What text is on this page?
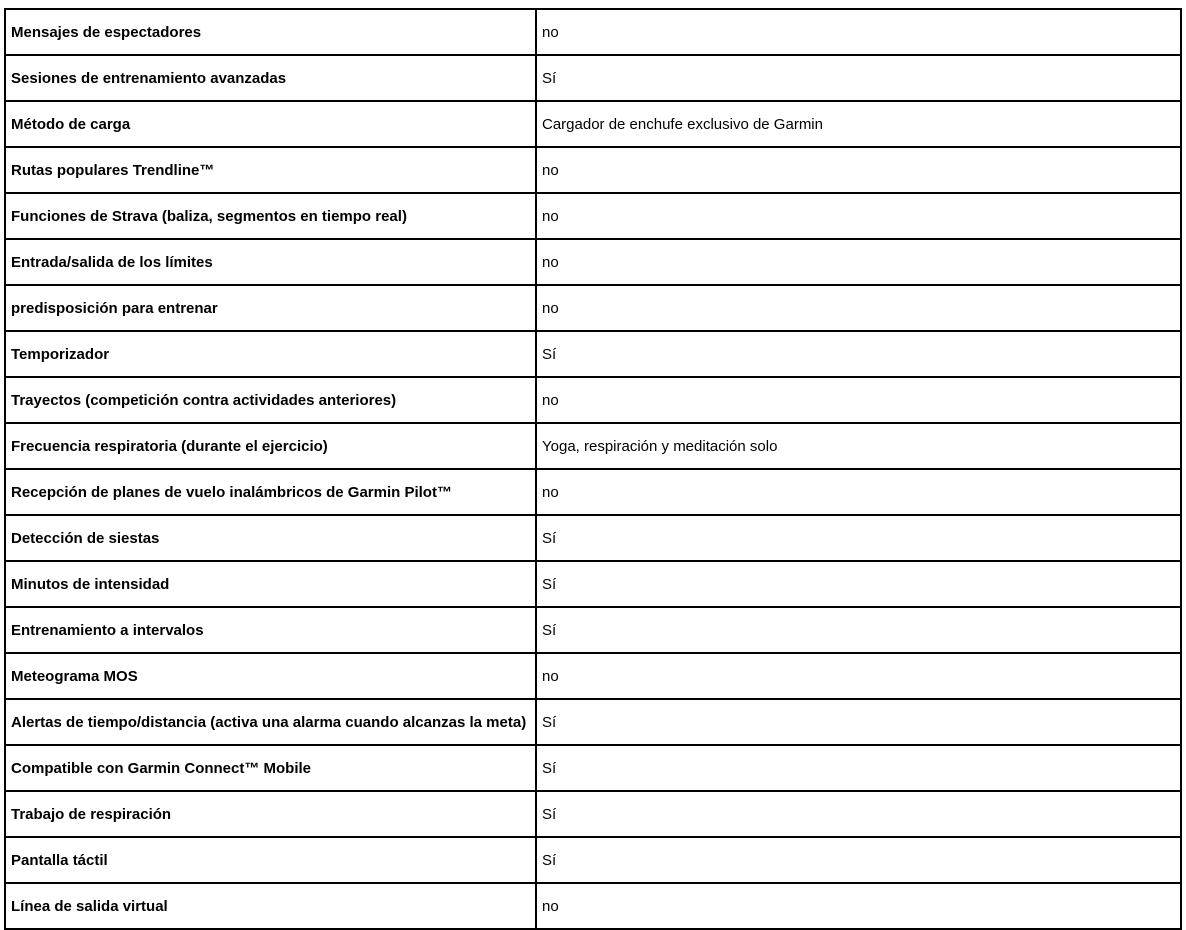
Mensajes de espectadores	no
Sesiones de entrenamiento avanzadas	Sí
Método de carga	Cargador de enchufe exclusivo de Garmin
Rutas populares Trendline™	no
Funciones de Strava (baliza, segmentos en tiempo real)	no
Entrada/salida de los límites	no
predisposición para entrenar	no
Temporizador	Sí
Trayectos (competición contra actividades anteriores)	no
Frecuencia respiratoria (durante el ejercicio)	Yoga, respiración y meditación solo
Recepción de planes de vuelo inalámbricos de Garmin Pilot™	no
Detección de siestas	Sí
Minutos de intensidad	Sí
Entrenamiento a intervalos	Sí
Meteograma MOS	no
Alertas de tiempo/distancia (activa una alarma cuando alcanzas la meta)	Sí
Compatible con Garmin Connect™ Mobile	Sí
Trabajo de respiración	Sí
Pantalla táctil	Sí
Línea de salida virtual	no
